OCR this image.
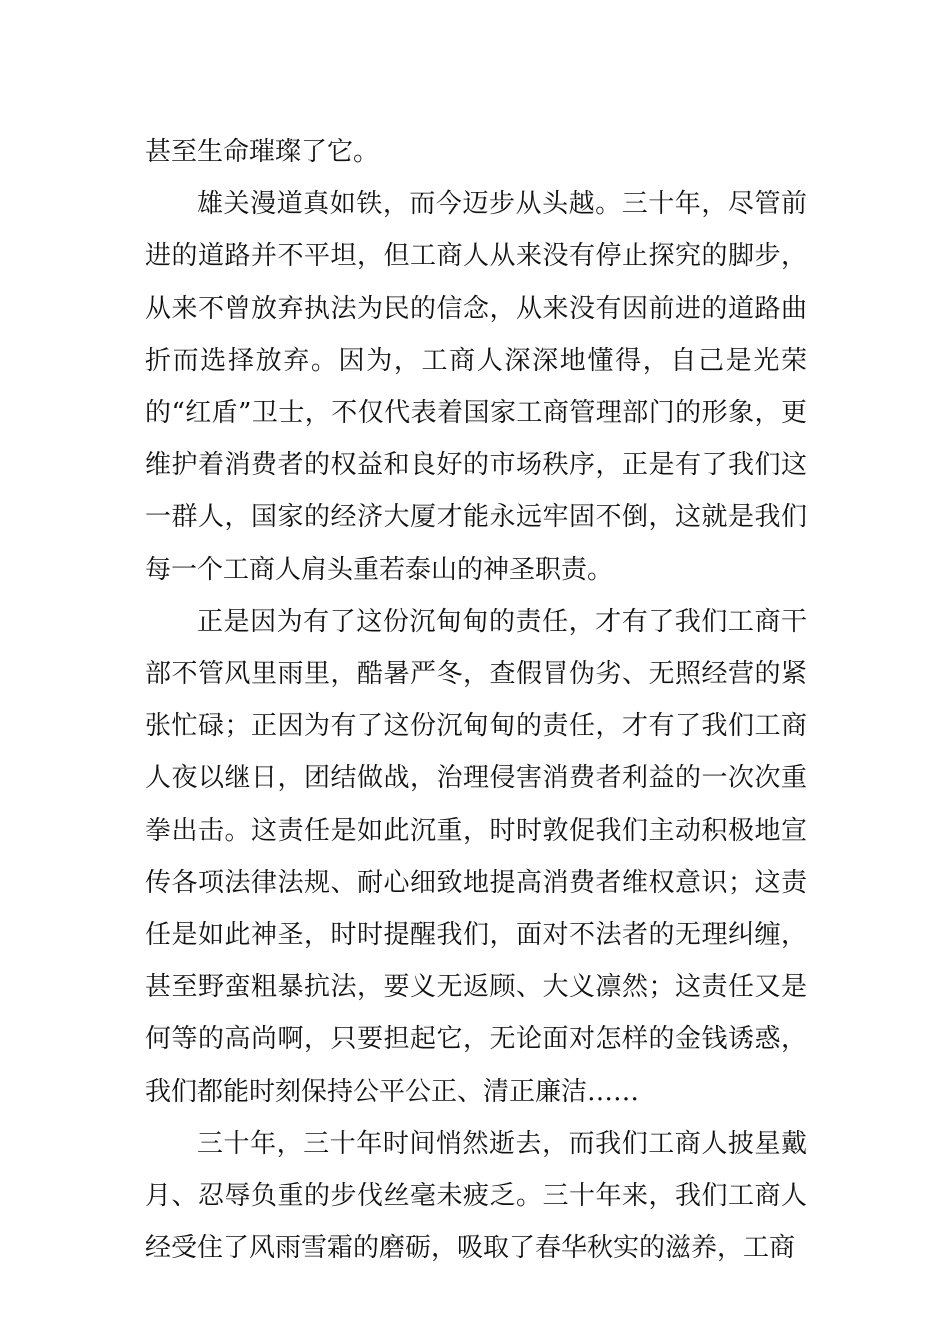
甚至生命璀璨了它。

雄关漫道真如铁，而今迈步从头越。三十年，尽管前进的道路并不平坦，但工商人从来没有停止探究的脚步，从来不曾放弃执法为民的信念，从来没有因前进的道路曲折而选择放弃。因为，工商人深深地懂得，自己是光荣的“红盾”卫士，不仅代表着国家工商管理部门的形象，更维护着消费者的权益和良好的市场秩序，正是有了我们这一群人，国家的经济大厦才能永远牢固不倒，这就是我们每一个工商人肩头重若泰山的神圣职责。

正是因为有了这份沉甸甸的责任，才有了我们工商干部不管风里雨里，酷暑严冬，查假冒伪劣、无照经营的紧张忙碌；正因为有了这份沉甸甸的责任，才有了我们工商人夜以继日，团结做战，治理侵害消费者利益的一次次重拳出击。这责任是如此沉重，时时敦促我们主动积极地宣传各项法律法规、耐心细致地提高消费者维权意识；这责任是如此神圣，时时提醒我们，面对不法者的无理纠缠，甚至野蛮粗暴抗法，要义无返顾、大义凛然；这责任又是何等的高尚啊，只要担起它，无论面对怎样的金钱诱惑，我们都能时刻保持公平公正、清正廉洁……

三十年，三十年时间悄然逝去，而我们工商人披星戴月、忍辱负重的步伐丝毫未疲乏。三十年来，我们工商人经受住了风雨雪霜的磨砺，吸取了春华秋实的滋养，工商
